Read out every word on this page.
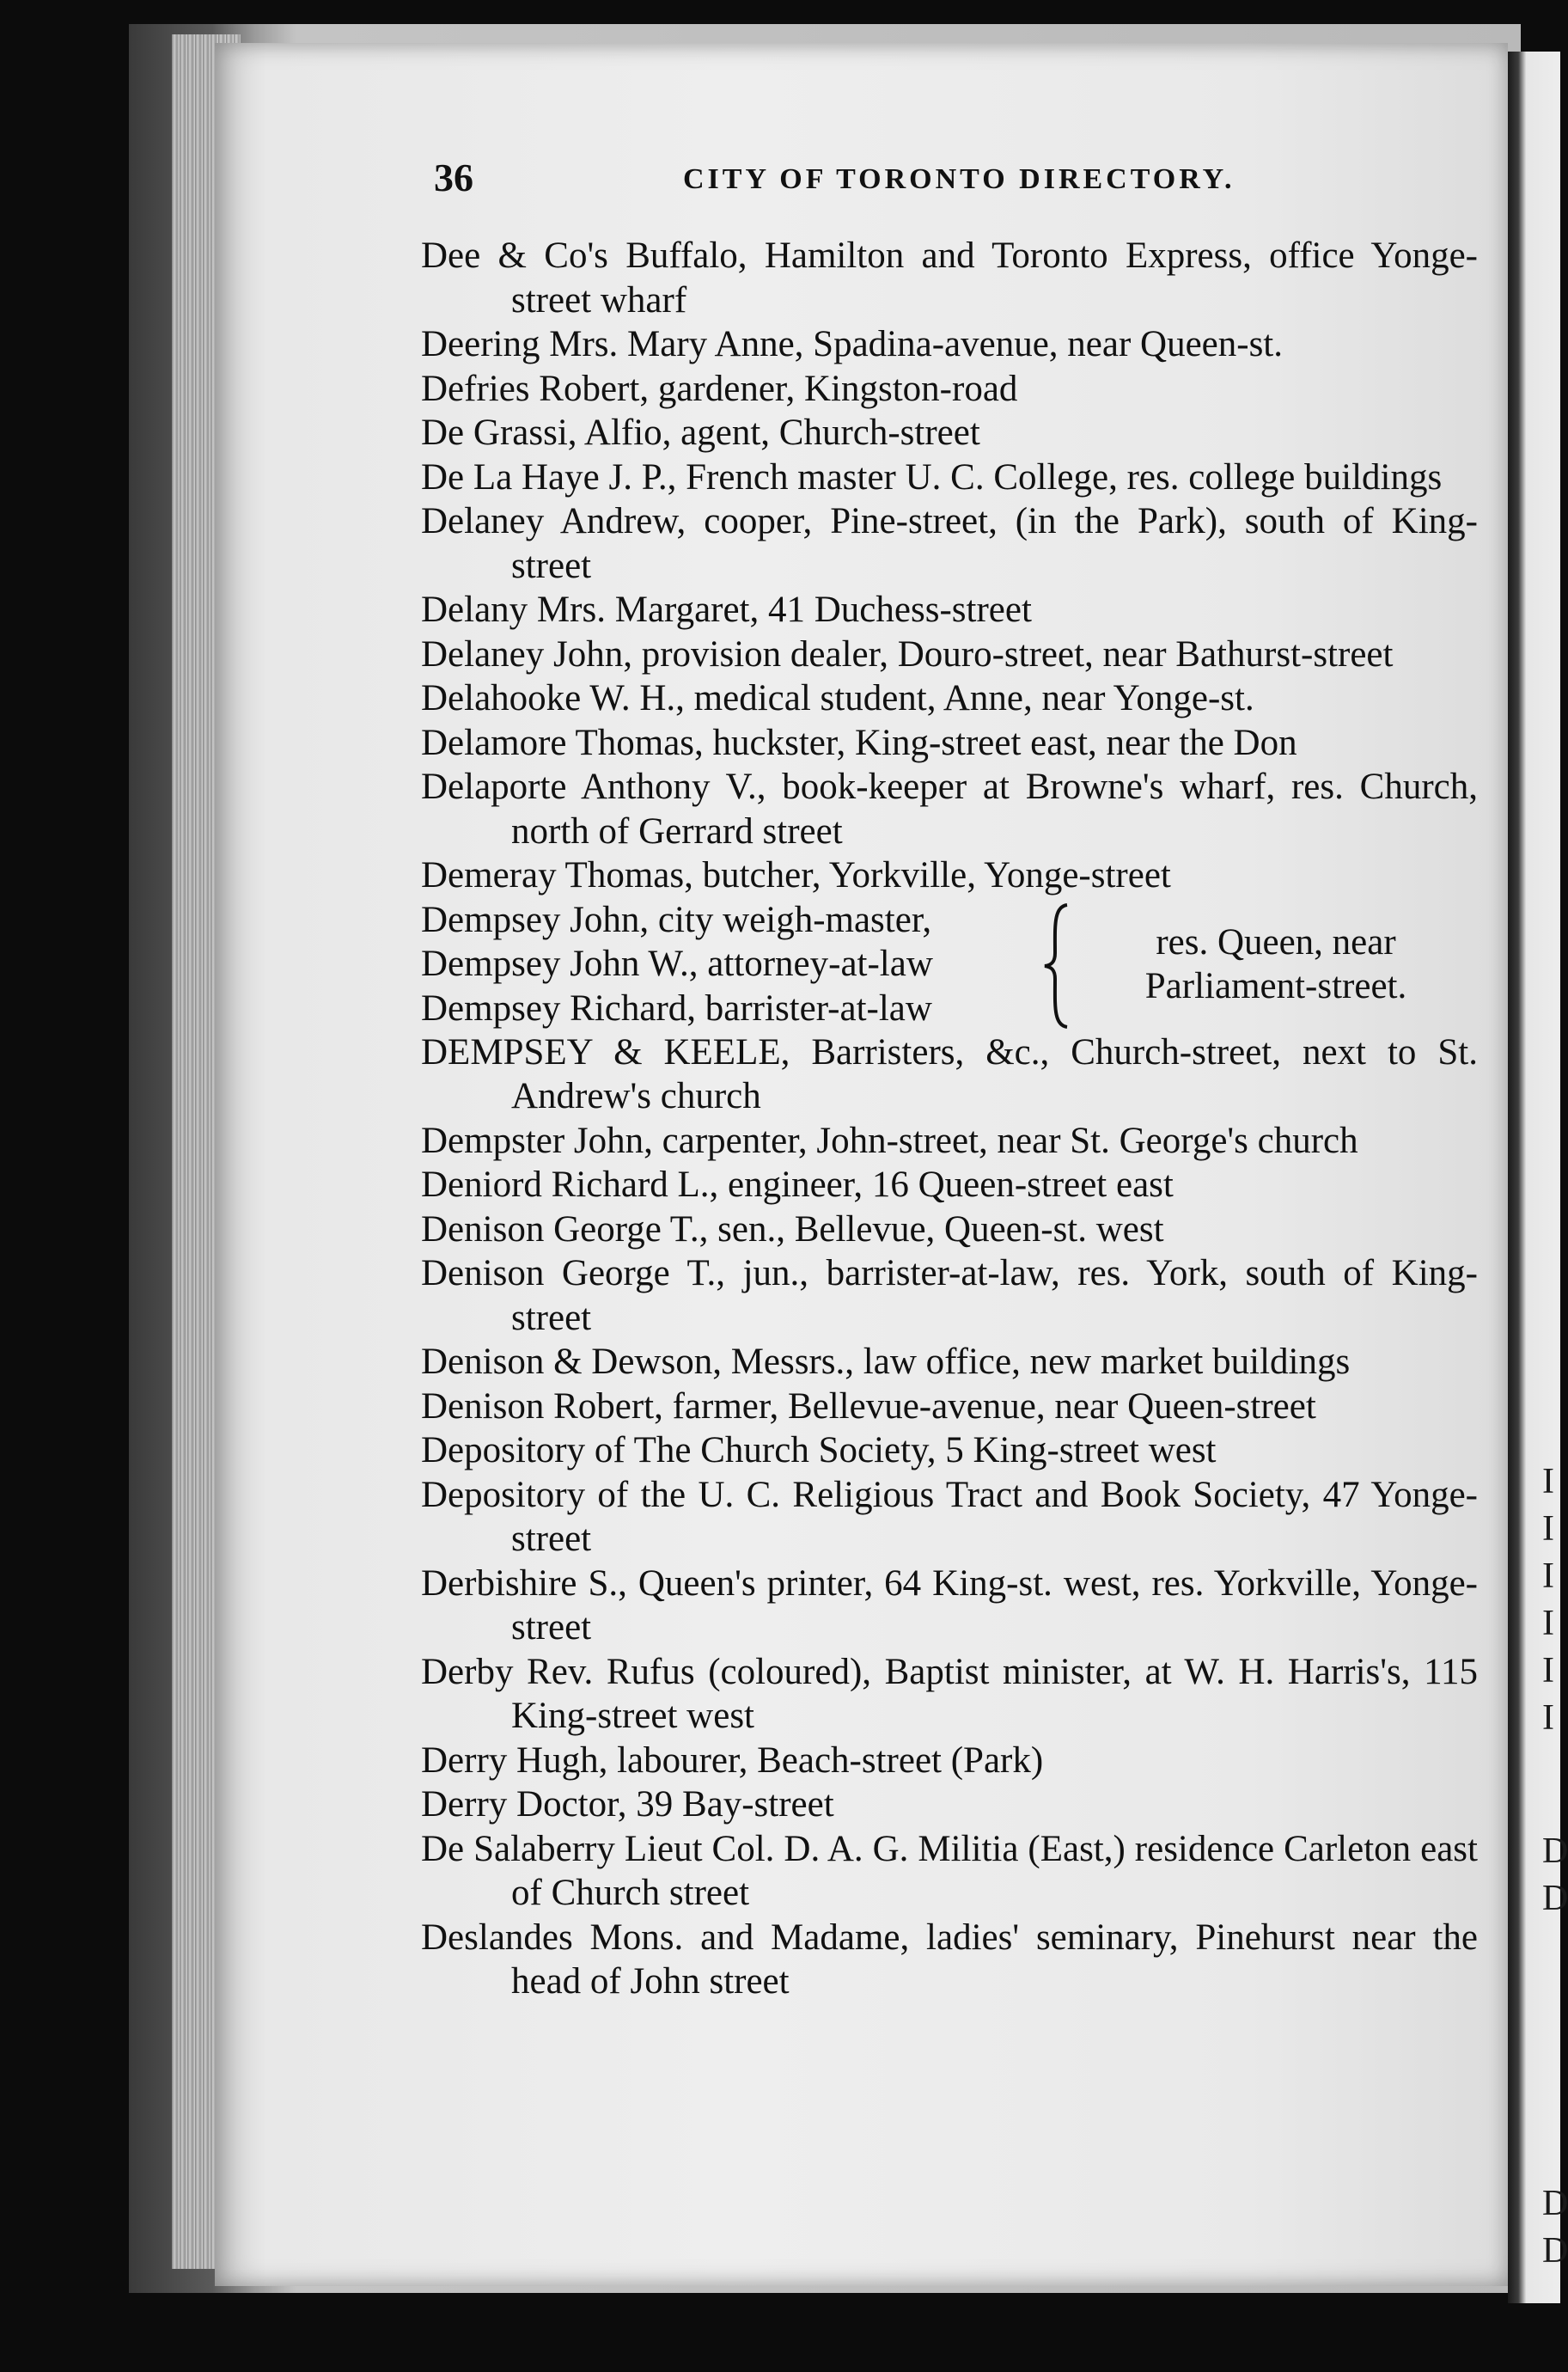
I
I
I
I
I
I
D
D
D
D
36	CITY OF TORONTO DIRECTORY.

Dee & Co's Buffalo, Hamilton and Toronto Express, office Yonge-street wharf

Deering Mrs. Mary Anne, Spadina-avenue, near Queen-st.

Defries Robert, gardener, Kingston-road

De Grassi, Alfio, agent, Church-street

De La Haye J. P., French master U. C. College, res. college buildings

Delaney Andrew, cooper, Pine-street, (in the Park), south of King-street

Delany Mrs. Margaret, 41 Duchess-street

Delaney John, provision dealer, Douro-street, near Bathurst-street

Delahooke W. H., medical student, Anne, near Yonge-st.

Delamore Thomas, huckster, King-street east, near the Don

Delaporte Anthony V., book-keeper at Browne's wharf, res. Church, north of Gerrard street

Demeray Thomas, butcher, Yorkville, Yonge-street

Dempsey John, city weigh-master,
Dempsey John W., attorney-at-law
Dempsey Richard, barrister-at-law
res. Queen, near Parliament-street.

DEMPSEY & KEELE, Barristers, &c., Church-street, next to St. Andrew's church

Dempster John, carpenter, John-street, near St. George's church

Deniord Richard L., engineer, 16 Queen-street east

Denison George T., sen., Bellevue, Queen-st. west

Denison George T., jun., barrister-at-law, res. York, south of King-street

Denison & Dewson, Messrs., law office, new market buildings

Denison Robert, farmer, Bellevue-avenue, near Queen-street

Depository of The Church Society, 5 King-street west

Depository of the U. C. Religious Tract and Book Society, 47 Yonge-street

Derbishire S., Queen's printer, 64 King-st. west, res. Yorkville, Yonge-street

Derby Rev. Rufus (coloured), Baptist minister, at W. H. Harris's, 115 King-street west

Derry Hugh, labourer, Beach-street (Park)

Derry Doctor, 39 Bay-street

De Salaberry Lieut Col. D. A. G. Militia (East,) residence Carleton east of Church street

Deslandes Mons. and Madame, ladies' seminary, Pinehurst near the head of John street
